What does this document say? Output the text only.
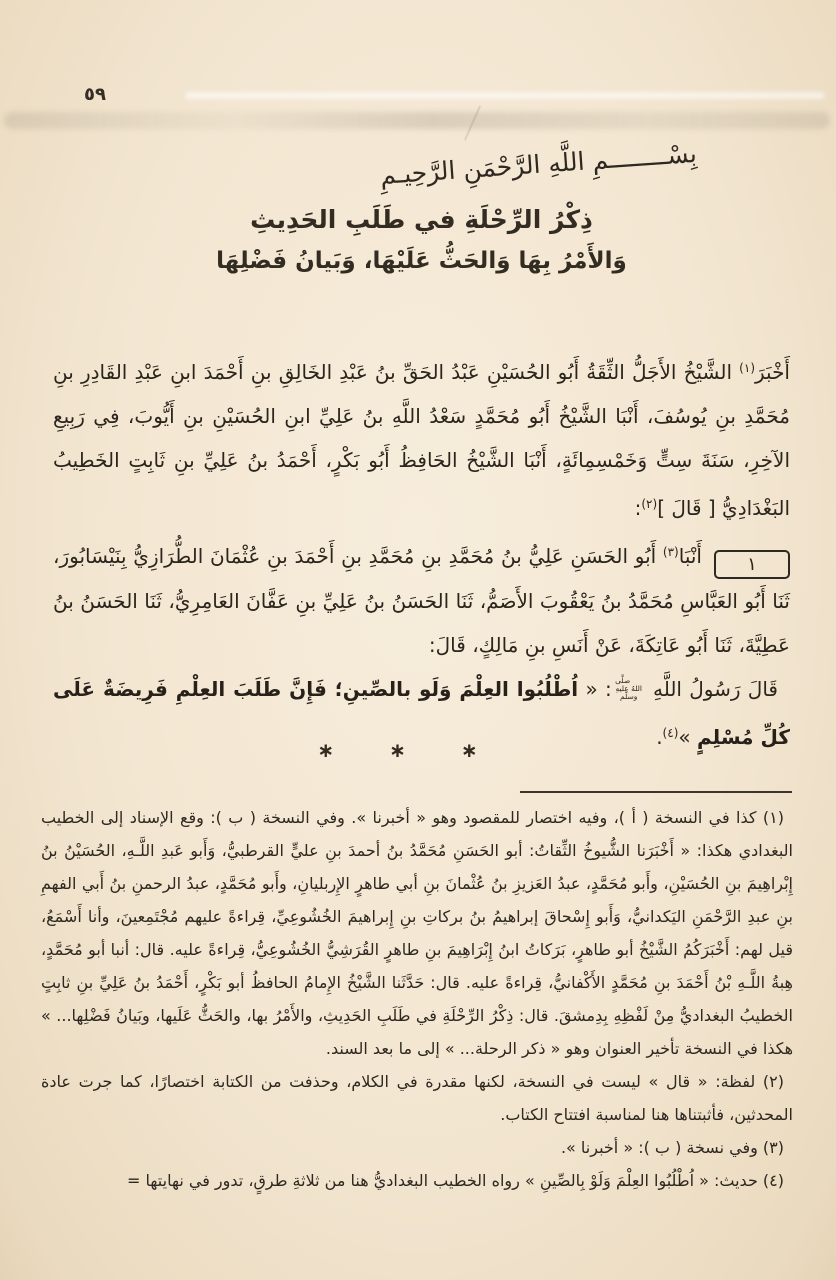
٥٩
بِسْــــــــمِ اللَّهِ الرَّحْمَنِ الرَّحِيـمِ
ذِكْرُ الرِّحْلَةِ في طَلَبِ الحَدِيثِ
وَالأَمْرُ بِهَا وَالحَثُّ عَلَيْهَا، وَبَيانُ فَضْلِهَا

أَخْبَرَ$^{(١)}$ الشَّيْخُ الأَجَلُّ الثِّقَةُ أَبُو الحُسَيْنِ عَبْدُ الحَقِّ بنُ عَبْدِ الخَالِقِ بنِ أَحْمَدَ ابنِ عَبْدِ القَادِرِ بنِ مُحَمَّدِ بنِ يُوسُفَ، أَنْبَا الشَّيْخُ أَبُو مُحَمَّدٍ سَعْدُ اللَّهِ بنُ عَلِيِّ ابنِ الحُسَيْنِ بنِ أَيُّوبَ، فِي رَبِيعِ الآخِرِ، سَنَةَ سِتٍّ وَخَمْسِمِائَةٍ، أَنْبَا الشَّيْخُ الحَافِظُ أَبُو بَكْرٍ، أَحْمَدُ بنُ عَلِيِّ بنِ ثَابِتٍ الخَطِيبُ البَغْدَادِيُّ [ قَالَ ]$^{(٢)}$:

١أَنْبَا$^{(٣)}$ أَبُو الحَسَنِ عَلِيُّ بنُ مُحَمَّدِ بنِ مُحَمَّدِ بنِ أَحْمَدَ بنِ عُثْمَانَ الطُّرَازِيُّ بِنَيْسَابُورَ، ثَنَا أَبُو العَبَّاسِ مُحَمَّدُ بنُ يَعْقُوبَ الأَصَمُّ، ثَنَا الحَسَنُ بنُ عَلِيِّ بنِ عَفَّانَ العَامِرِيُّ، ثَنَا الحَسَنُ بنُ عَطِيَّةَ، ثَنَا أَبُو عَاتِكَةَ، عَنْ أَنَسِ بنِ مَالِكٍ، قَالَ:

قَالَ رَسُولُ اللَّهِ صلَّى اللهُ عليهِ وسلَّم: « اُطْلُبُوا العِلْمَ وَلَو بالصِّينِ؛ فَإِنَّ طَلَبَ العِلْمِ فَرِيضَةٌ عَلَى كُلِّ مُسْلِمٍ »$^{(٤)}$.

∗ ∗ ∗

(١) كذا في النسخة ( أ )، وفيه اختصار للمقصود وهو « أخبرنا ». وفي النسخة ( ب ): وقع الإسناد إلى الخطيب البغدادي هكذا: « أَخْبَرَنا الشُّيوخُ الثِّقاتُ: أبو الحَسَنِ مُحَمَّدُ بنُ أحمدَ بنِ عليٍّ القرطبيُّ، وَأَبو عَبدِ اللَّـهِ، الحُسَيْنُ بنُ إِبْراهِيمَ بنِ الحُسَيْنِ، وأَبو مُحَمَّدٍ، عبدُ العَزيزِ بنُ عُثْمانَ بنِ أبي طاهرٍ الإِربليانِ، وأَبو مُحَمَّدٍ، عبدُ الرحمنِ بنُ أَبي الفهمِ بنِ عبدِ الرَّحْمَنِ اليَكدانيُّ، وَأَبو إِسْحاقَ إبراهيمُ بنُ بركاتِ بنِ إِبراهيمَ الخُشُوعِيِّ، قِراءةً عليهم مُجْتَمِعينَ، وأنا أَسْمَعُ، قيل لهم: أَخْبَرَكُمُ الشَّيْخُ أبو طاهرٍ، بَرَكاتُ ابنُ إِبْرَاهِيمَ بنِ طاهرٍ القُرَشِيُّ الخُشُوعِيُّ، قِراءةً عليه. قال: أنبا أبو مُحَمَّدٍ، هِبةُ اللَّـهِ بْنُ أَحْمَدَ بنِ مُحَمَّدٍ الأَكْفانيُّ، قِراءةً عليه. قال: حَدَّثَنا الشَّيْخُ الإِمامُ الحافظُ أبو بَكْرٍ، أَحْمَدُ بنُ عَلِيِّ بنِ ثابِتٍ الخطيبُ البغداديُّ مِنْ لَفْظِهِ بِدِمشقَ. قال: ذِكْرُ الرِّحْلَةِ في طَلَبِ الحَدِيثِ، والأَمْرُ بها، والحَثُّ عَلَيها، وبَيانُ فَضْلِها... » هكذا في النسخة تأخير العنوان وهو « ذكر الرحلة... » إلى ما بعد السند.

(٢) لفظة: « قال » ليست في النسخة، لكنها مقدرة في الكلام، وحذفت من الكتابة اختصارًا، كما جرت عادة المحدثين، فأثبتناها هنا لمناسبة افتتاح الكتاب.

(٣) وفي نسخة ( ب ): « أخبرنا ».

(٤) حديث: « اُطْلُبُوا العِلْمَ وَلَوْ بِالصِّينِ » رواه الخطيب البغداديُّ هنا من ثلاثةِ طرقٍ، تدور في نهايتها =
